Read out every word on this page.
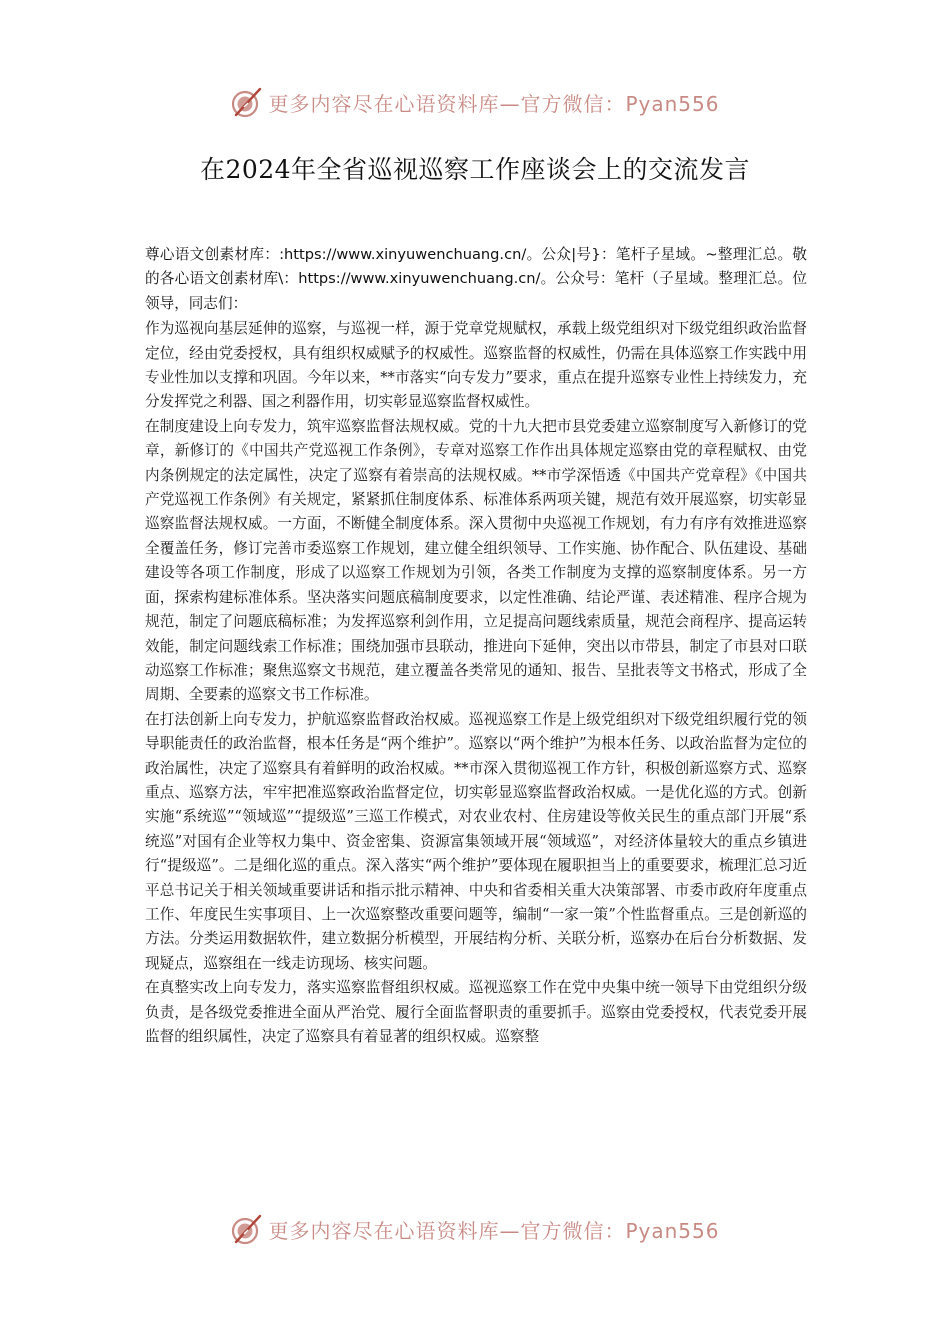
更多内容尽在心语资料库—官方微信：Pyan556
在2024年全省巡视巡察工作座谈会上的交流发言

尊心语文创素材库：:https://www.xinyuwenchuang.cn/。公众|号}：笔杆子星域。~整理汇总。敬的各心语文创素材库\：https://www.xinyuwenchuang.cn/。公众号：笔杆（子星域。整理汇总。位领导，同志们：

作为巡视向基层延伸的巡察，与巡视一样，源于党章党规赋权，承载上级党组织对下级党组织政治监督定位，经由党委授权，具有组织权威赋予的权威性。巡察监督的权威性，仍需在具体巡察工作实践中用专业性加以支撑和巩固。今年以来，**市落实“向专发力”要求，重点在提升巡察专业性上持续发力，充分发挥党之利器、国之利器作用，切实彰显巡察监督权威性。

在制度建设上向专发力，筑牢巡察监督法规权威。党的十九大把市县党委建立巡察制度写入新修订的党章，新修订的《中国共产党巡视工作条例》，专章对巡察工作作出具体规定巡察由党的章程赋权、由党内条例规定的法定属性，决定了巡察有着崇高的法规权威。**市学深悟透《中国共产党章程》《中国共产党巡视工作条例》有关规定，紧紧抓住制度体系、标准体系两项关键，规范有效开展巡察，切实彰显巡察监督法规权威。一方面，不断健全制度体系。深入贯彻中央巡视工作规划，有力有序有效推进巡察全覆盖任务，修订完善市委巡察工作规划，建立健全组织领导、工作实施、协作配合、队伍建设、基础建设等各项工作制度，形成了以巡察工作规划为引领，各类工作制度为支撑的巡察制度体系。另一方面，探索构建标准体系。坚决落实问题底稿制度要求，以定性准确、结论严谨、表述精准、程序合规为规范，制定了问题底稿标准；为发挥巡察利剑作用，立足提高问题线索质量，规范会商程序、提高运转效能，制定问题线索工作标准；围绕加强市县联动，推进向下延伸，突出以市带县，制定了市县对口联动巡察工作标准；聚焦巡察文书规范，建立覆盖各类常见的通知、报告、呈批表等文书格式，形成了全周期、全要素的巡察文书工作标准。

在打法创新上向专发力，护航巡察监督政治权威。巡视巡察工作是上级党组织对下级党组织履行党的领导职能责任的政治监督，根本任务是“两个维护”。巡察以“两个维护”为根本任务、以政治监督为定位的政治属性，决定了巡察具有着鲜明的政治权威。**市深入贯彻巡视工作方针，积极创新巡察方式、巡察重点、巡察方法，牢牢把准巡察政治监督定位，切实彰显巡察监督政治权威。一是优化巡的方式。创新实施“系统巡”“领域巡”“提级巡”三巡工作模式，对农业农村、住房建设等攸关民生的重点部门开展“系统巡”对国有企业等权力集中、资金密集、资源富集领域开展“领域巡”，对经济体量较大的重点乡镇进行“提级巡”。二是细化巡的重点。深入落实“两个维护”要体现在履职担当上的重要要求，梳理汇总习近平总书记关于相关领域重要讲话和指示批示精神、中央和省委相关重大决策部署、市委市政府年度重点工作、年度民生实事项目、上一次巡察整改重要问题等，编制“一家一策”个性监督重点。三是创新巡的方法。分类运用数据软件，建立数据分析模型，开展结构分析、关联分析，巡察办在后台分析数据、发现疑点，巡察组在一线走访现场、核实问题。

在真整实改上向专发力，落实巡察监督组织权威。巡视巡察工作在党中央集中统一领导下由党组织分级负责，是各级党委推进全面从严治党、履行全面监督职责的重要抓手。巡察由党委授权，代表党委开展监督的组织属性，决定了巡察具有着显著的组织权威。巡察整

更多内容尽在心语资料库—官方微信：Pyan556
